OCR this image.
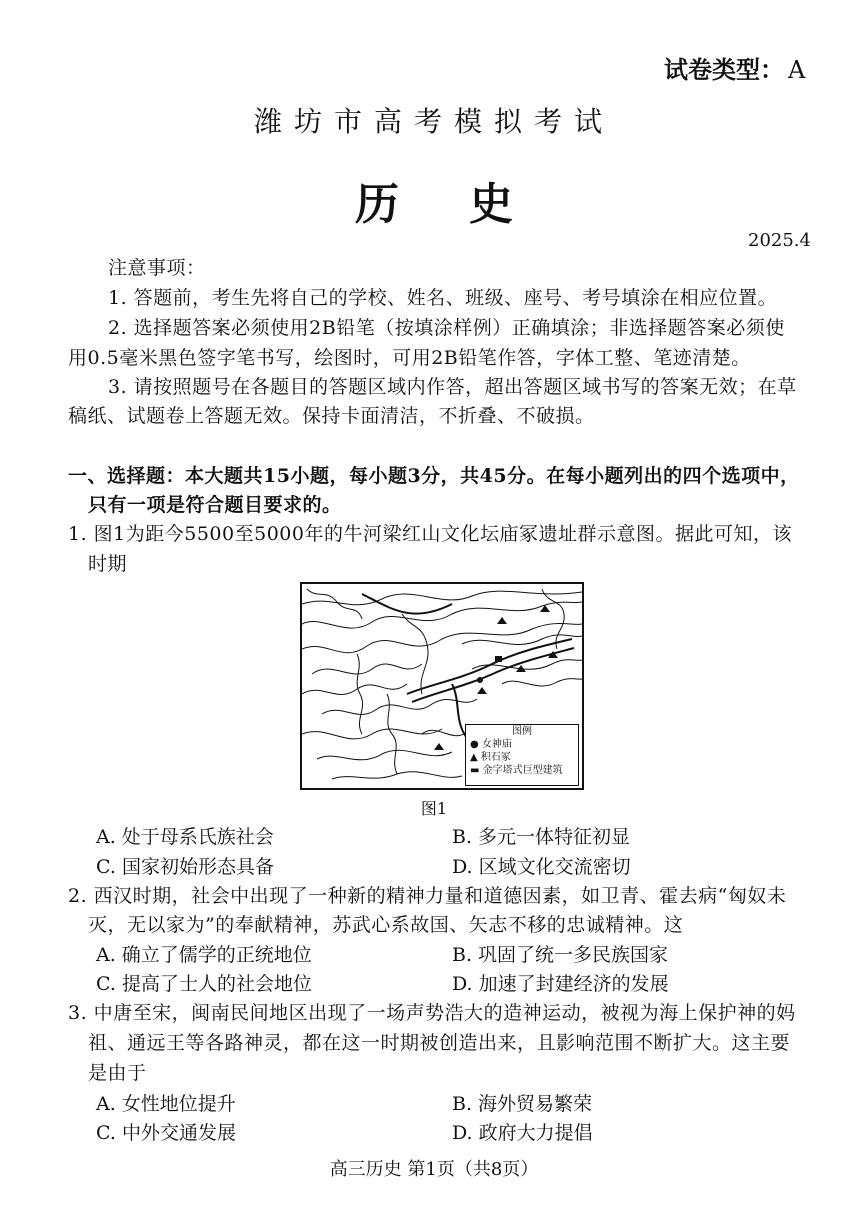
试卷类型： A
潍坊市高考模拟考试
历史
2025.4
注意事项：
1. 答题前，考生先将自己的学校、姓名、班级、座号、考号填涂在相应位置。
2. 选择题答案必须使用2B铅笔（按填涂样例）正确填涂；非选择题答案必须使
用0.5毫米黑色签字笔书写，绘图时，可用2B铅笔作答，字体工整、笔迹清楚。
3. 请按照题号在各题目的答题区域内作答，超出答题区域书写的答案无效；在草
稿纸、试题卷上答题无效。保持卡面清洁，不折叠、不破损。
一、选择题：本大题共15小题，每小题3分，共45分。在每小题列出的四个选项中，
只有一项是符合题目要求的。
1. 图1为距今5500至5000年的牛河梁红山文化坛庙冢遗址群示意图。据此可知，该
时期
图例
● 女神庙
▲ 积石冢
▬ 金字塔式巨型建筑
图1
A. 处于母系氏族社会	B. 多元一体特征初显
C. 国家初始形态具备	D. 区域文化交流密切
2. 西汉时期，社会中出现了一种新的精神力量和道德因素，如卫青、霍去病“匈奴未
灭，无以家为”的奉献精神，苏武心系故国、矢志不移的忠诚精神。这
A. 确立了儒学的正统地位	B. 巩固了统一多民族国家
C. 提高了士人的社会地位	D. 加速了封建经济的发展
3. 中唐至宋，闽南民间地区出现了一场声势浩大的造神运动，被视为海上保护神的妈
祖、通远王等各路神灵，都在这一时期被创造出来，且影响范围不断扩大。这主要
是由于
A. 女性地位提升	B. 海外贸易繁荣
C. 中外交通发展	D. 政府大力提倡
高三历史 第1页（共8页）
